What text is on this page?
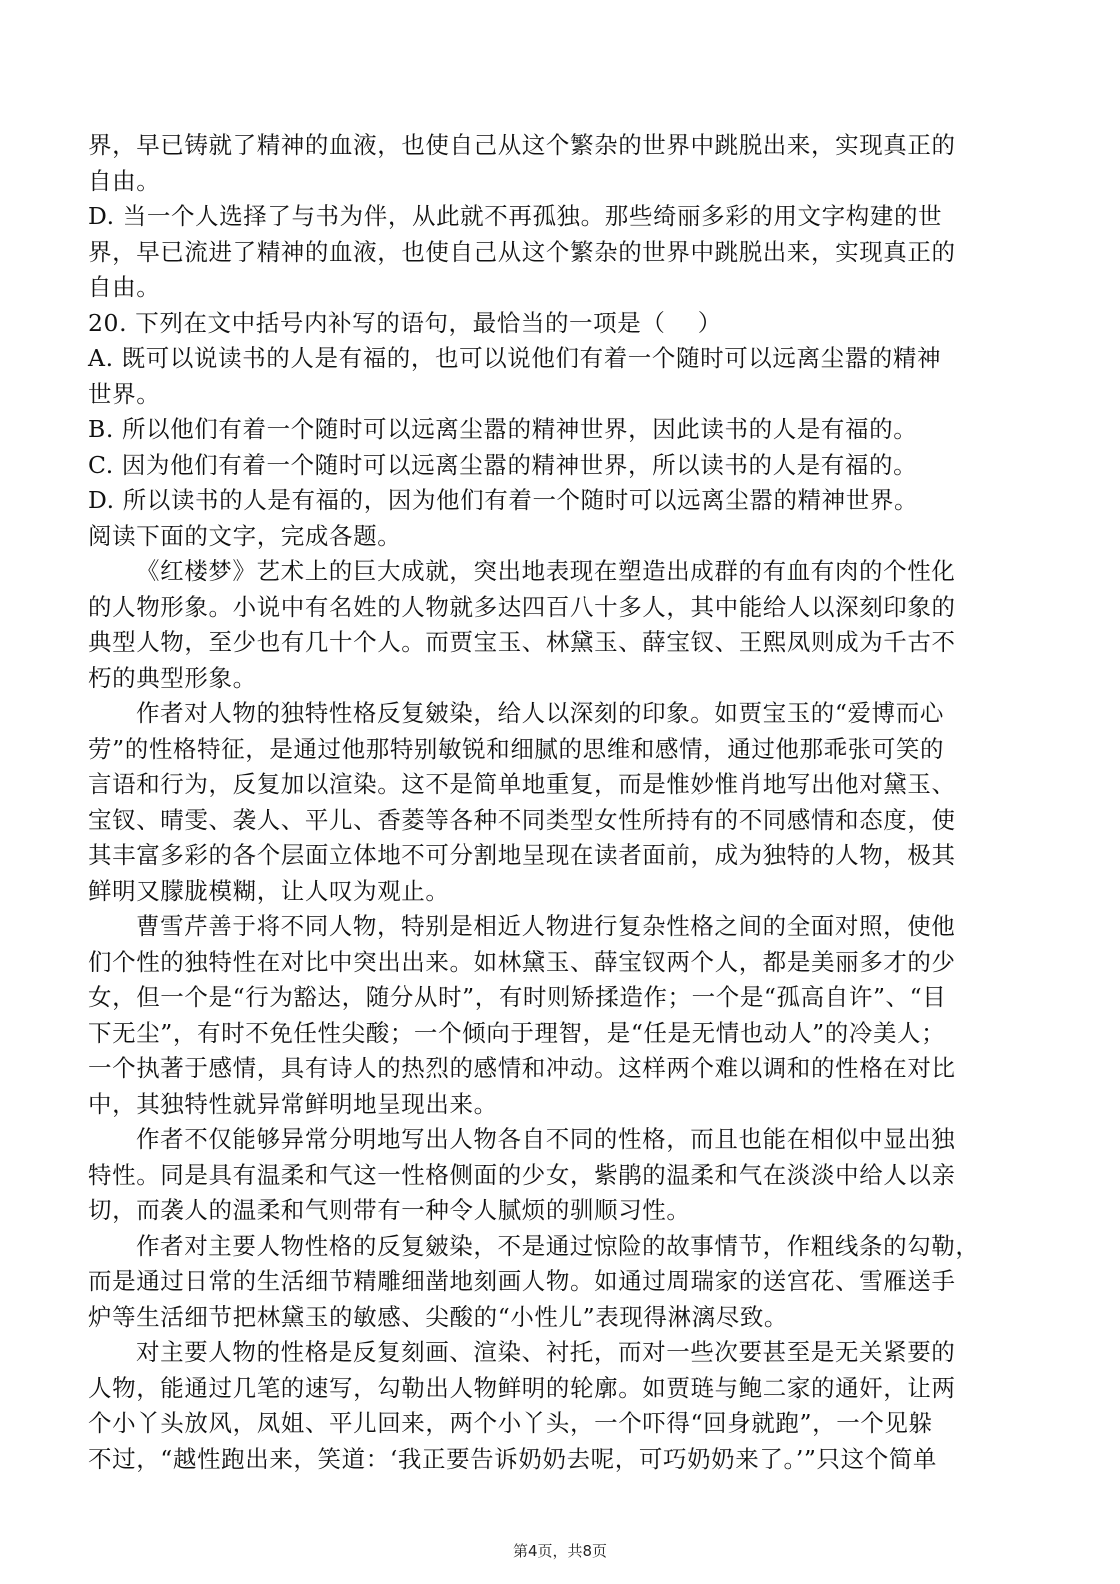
界，早已铸就了精神的血液，也使自己从这个繁杂的世界中跳脱出来，实现真正的

自由。

D. 当一个人选择了与书为伴，从此就不再孤独。那些绮丽多彩的用文字构建的世

界，早已流进了精神的血液，也使自己从这个繁杂的世界中跳脱出来，实现真正的

自由。

20. 下列在文中括号内补写的语句，最恰当的一项是（    ）

A. 既可以说读书的人是有福的，也可以说他们有着一个随时可以远离尘嚣的精神

世界。

B. 所以他们有着一个随时可以远离尘嚣的精神世界，因此读书的人是有福的。

C. 因为他们有着一个随时可以远离尘嚣的精神世界，所以读书的人是有福的。

D. 所以读书的人是有福的，因为他们有着一个随时可以远离尘嚣的精神世界。

阅读下面的文字，完成各题。

《红楼梦》艺术上的巨大成就，突出地表现在塑造出成群的有血有肉的个性化

的人物形象。小说中有名姓的人物就多达四百八十多人，其中能给人以深刻印象的

典型人物，至少也有几十个人。而贾宝玉、林黛玉、薛宝钗、王熙凤则成为千古不

朽的典型形象。

作者对人物的独特性格反复皴染，给人以深刻的印象。如贾宝玉的“爱博而心

劳”的性格特征，是通过他那特别敏锐和细腻的思维和感情，通过他那乖张可笑的

言语和行为，反复加以渲染。这不是简单地重复，而是惟妙惟肖地写出他对黛玉、

宝钗、晴雯、袭人、平儿、香菱等各种不同类型女性所持有的不同感情和态度，使

其丰富多彩的各个层面立体地不可分割地呈现在读者面前，成为独特的人物，极其

鲜明又朦胧模糊，让人叹为观止。

曹雪芹善于将不同人物，特别是相近人物进行复杂性格之间的全面对照，使他

们个性的独特性在对比中突出出来。如林黛玉、薛宝钗两个人，都是美丽多才的少

女，但一个是“行为豁达，随分从时”，有时则矫揉造作；一个是“孤高自许”、“目

下无尘”，有时不免任性尖酸；一个倾向于理智，是“任是无情也动人”的冷美人；

一个执著于感情，具有诗人的热烈的感情和冲动。这样两个难以调和的性格在对比

中，其独特性就异常鲜明地呈现出来。

作者不仅能够异常分明地写出人物各自不同的性格，而且也能在相似中显出独

特性。同是具有温柔和气这一性格侧面的少女，紫鹃的温柔和气在淡淡中给人以亲

切，而袭人的温柔和气则带有一种令人腻烦的驯顺习性。

作者对主要人物性格的反复皴染，不是通过惊险的故事情节，作粗线条的勾勒，

而是通过日常的生活细节精雕细凿地刻画人物。如通过周瑞家的送宫花、雪雁送手

炉等生活细节把林黛玉的敏感、尖酸的“小性儿”表现得淋漓尽致。

对主要人物的性格是反复刻画、渲染、衬托，而对一些次要甚至是无关紧要的

人物，能通过几笔的速写，勾勒出人物鲜明的轮廓。如贾琏与鲍二家的通奸，让两

个小丫头放风，凤姐、平儿回来，两个小丫头，一个吓得“回身就跑”，一个见躲

不过，“越性跑出来，笑道：‘我正要告诉奶奶去呢，可巧奶奶来了。’”只这个简单

第4页，共8页
